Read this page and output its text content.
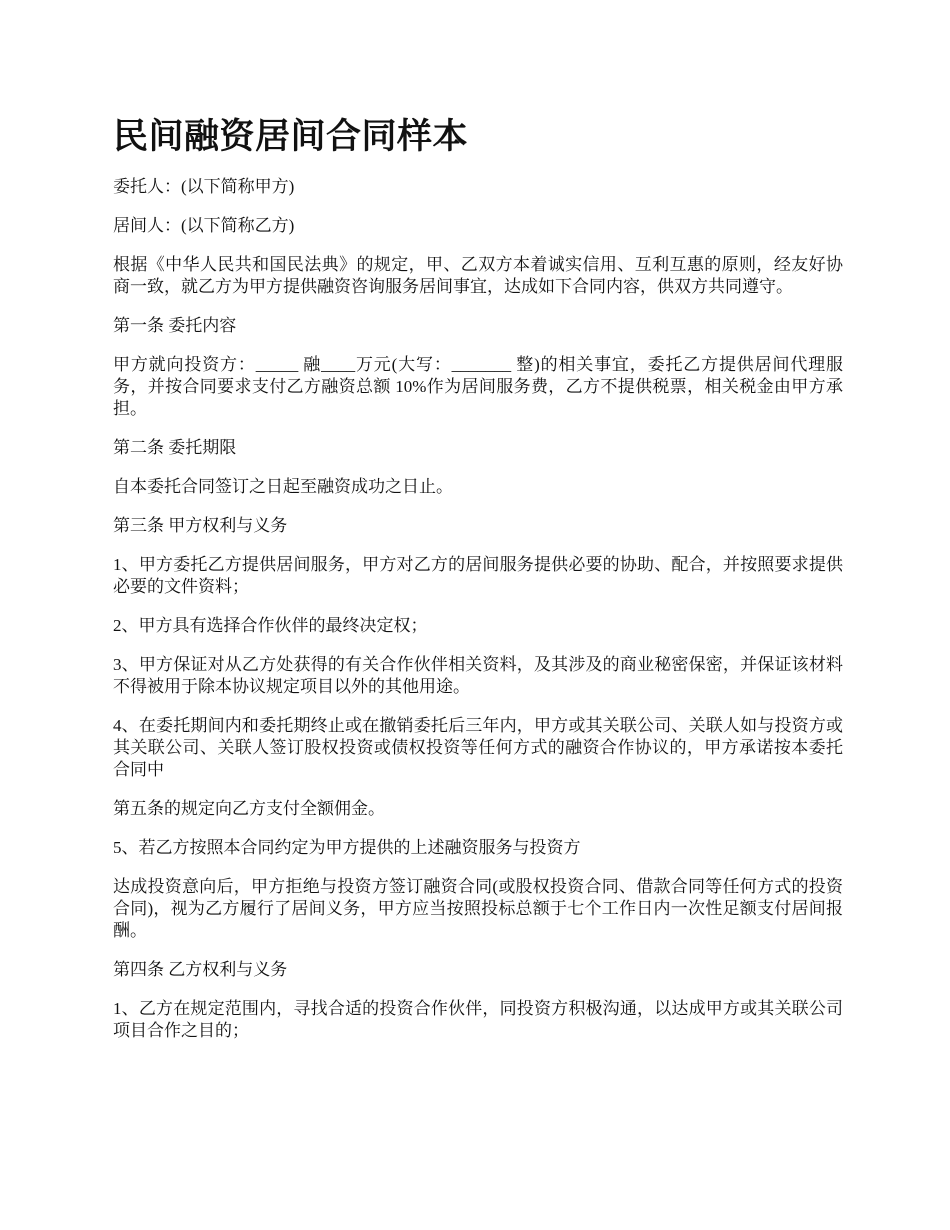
民间融资居间合同样本

委托人：(以下简称甲方)

居间人：(以下简称乙方)

根据《中华人民共和国民法典》的规定，甲、乙双方本着诚实信用、互利互惠的原则，经友好协商一致，就乙方为甲方提供融资咨询服务居间事宜，达成如下合同内容，供双方共同遵守。

第一条 委托内容

甲方就向投资方：_____ 融____万元(大写：_______ 整)的相关事宜，委托乙方提供居间代理服务，并按合同要求支付乙方融资总额 10%作为居间服务费，乙方不提供税票，相关税金由甲方承担。

第二条 委托期限

自本委托合同签订之日起至融资成功之日止。

第三条 甲方权利与义务

1、甲方委托乙方提供居间服务，甲方对乙方的居间服务提供必要的协助、配合，并按照要求提供必要的文件资料；

2、甲方具有选择合作伙伴的最终决定权；

3、甲方保证对从乙方处获得的有关合作伙伴相关资料，及其涉及的商业秘密保密，并保证该材料不得被用于除本协议规定项目以外的其他用途。

4、在委托期间内和委托期终止或在撤销委托后三年内，甲方或其关联公司、关联人如与投资方或其关联公司、关联人签订股权投资或债权投资等任何方式的融资合作协议的，甲方承诺按本委托合同中

第五条的规定向乙方支付全额佣金。

5、若乙方按照本合同约定为甲方提供的上述融资服务与投资方

达成投资意向后，甲方拒绝与投资方签订融资合同(或股权投资合同、借款合同等任何方式的投资合同)，视为乙方履行了居间义务，甲方应当按照投标总额于七个工作日内一次性足额支付居间报酬。

第四条 乙方权利与义务

1、乙方在规定范围内，寻找合适的投资合作伙伴，同投资方积极沟通，以达成甲方或其关联公司项目合作之目的；
